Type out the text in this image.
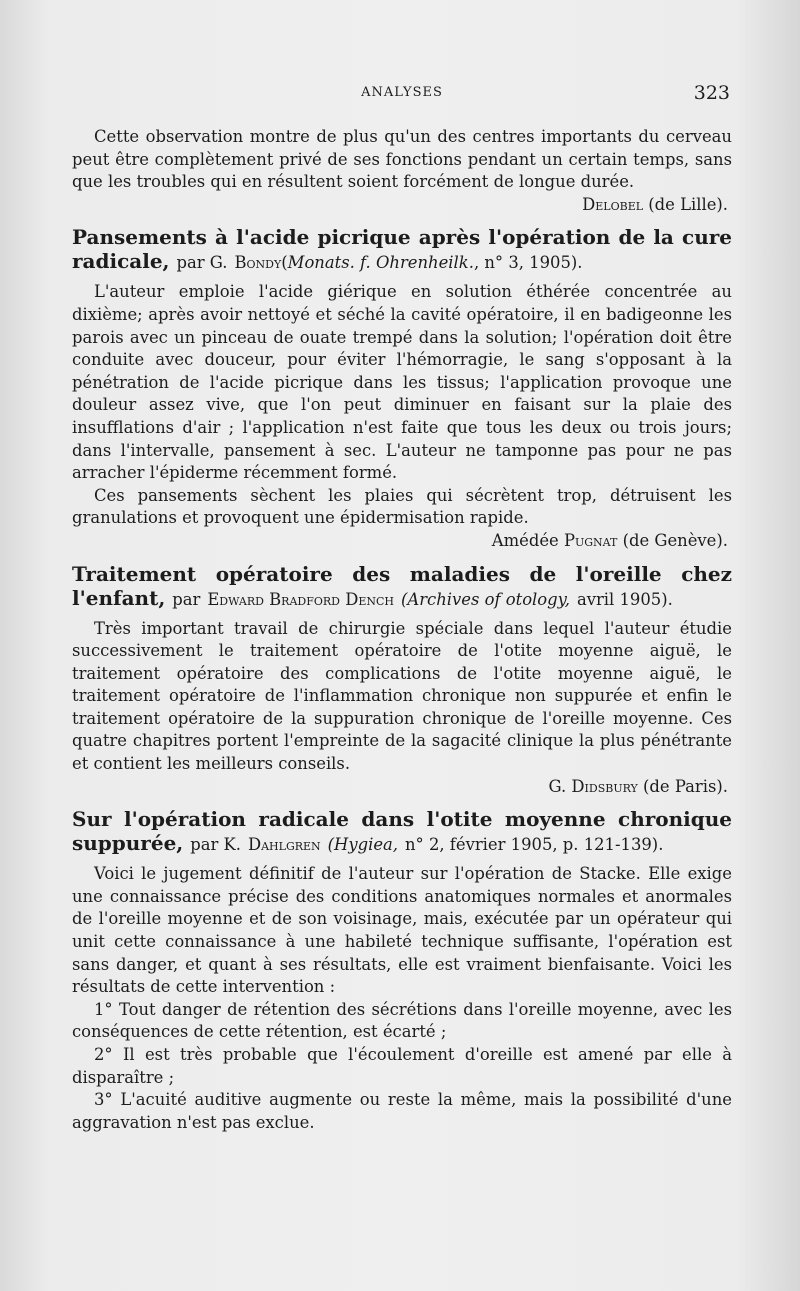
ANALYSES	323

Cette observation montre de plus qu'un des centres importants du cerveau peut être complètement privé de ses fonctions pendant un certain temps, sans que les troubles qui en résultent soient forcément de longue durée.

Delobel (de Lille).
Pansements à l'acide picrique après l'opération de la cure radicale, par G. Bondy(Monats. f. Ohrenheilk., n° 3, 1905).

L'auteur emploie l'acide giérique en solution éthérée concentrée au dixième; après avoir nettoyé et séché la cavité opératoire, il en badigeonne les parois avec un pinceau de ouate trempé dans la solution; l'opération doit être conduite avec douceur, pour éviter l'hémorragie, le sang s'opposant à la pénétration de l'acide picrique dans les tissus; l'application provoque une douleur assez vive, que l'on peut diminuer en faisant sur la plaie des insufflations d'air ; l'application n'est faite que tous les deux ou trois jours; dans l'intervalle, pansement à sec. L'auteur ne tamponne pas pour ne pas arracher l'épiderme récemment formé.

Ces pansements sèchent les plaies qui sécrètent trop, détruisent les granulations et provoquent une épidermisation rapide.

Amédée Pugnat (de Genève).
Traitement opératoire des maladies de l'oreille chez l'enfant, par Edward Bradford Dench (Archives of otology, avril 1905).

Très important travail de chirurgie spéciale dans lequel l'auteur étudie successivement le traitement opératoire de l'otite moyenne aiguë, le traitement opératoire des complications de l'otite moyenne aiguë, le traitement opératoire de l'inflammation chronique non suppurée et enfin le traitement opératoire de la suppuration chronique de l'oreille moyenne. Ces quatre chapitres portent l'empreinte de la sagacité clinique la plus pénétrante et contient les meilleurs conseils.

G. Didsbury (de Paris).
Sur l'opération radicale dans l'otite moyenne chronique suppurée, par K. Dahlgren (Hygiea, n° 2, février 1905, p. 121-139).

Voici le jugement définitif de l'auteur sur l'opération de Stacke. Elle exige une connaissance précise des conditions anatomiques normales et anormales de l'oreille moyenne et de son voisinage, mais, exécutée par un opérateur qui unit cette connaissance à une habileté technique suffisante, l'opération est sans danger, et quant à ses résultats, elle est vraiment bienfaisante. Voici les résultats de cette intervention :

1° Tout danger de rétention des sécrétions dans l'oreille moyenne, avec les conséquences de cette rétention, est écarté ;

2° Il est très probable que l'écoulement d'oreille est amené par elle à disparaître ;

3° L'acuité auditive augmente ou reste la même, mais la possibilité d'une aggravation n'est pas exclue.
